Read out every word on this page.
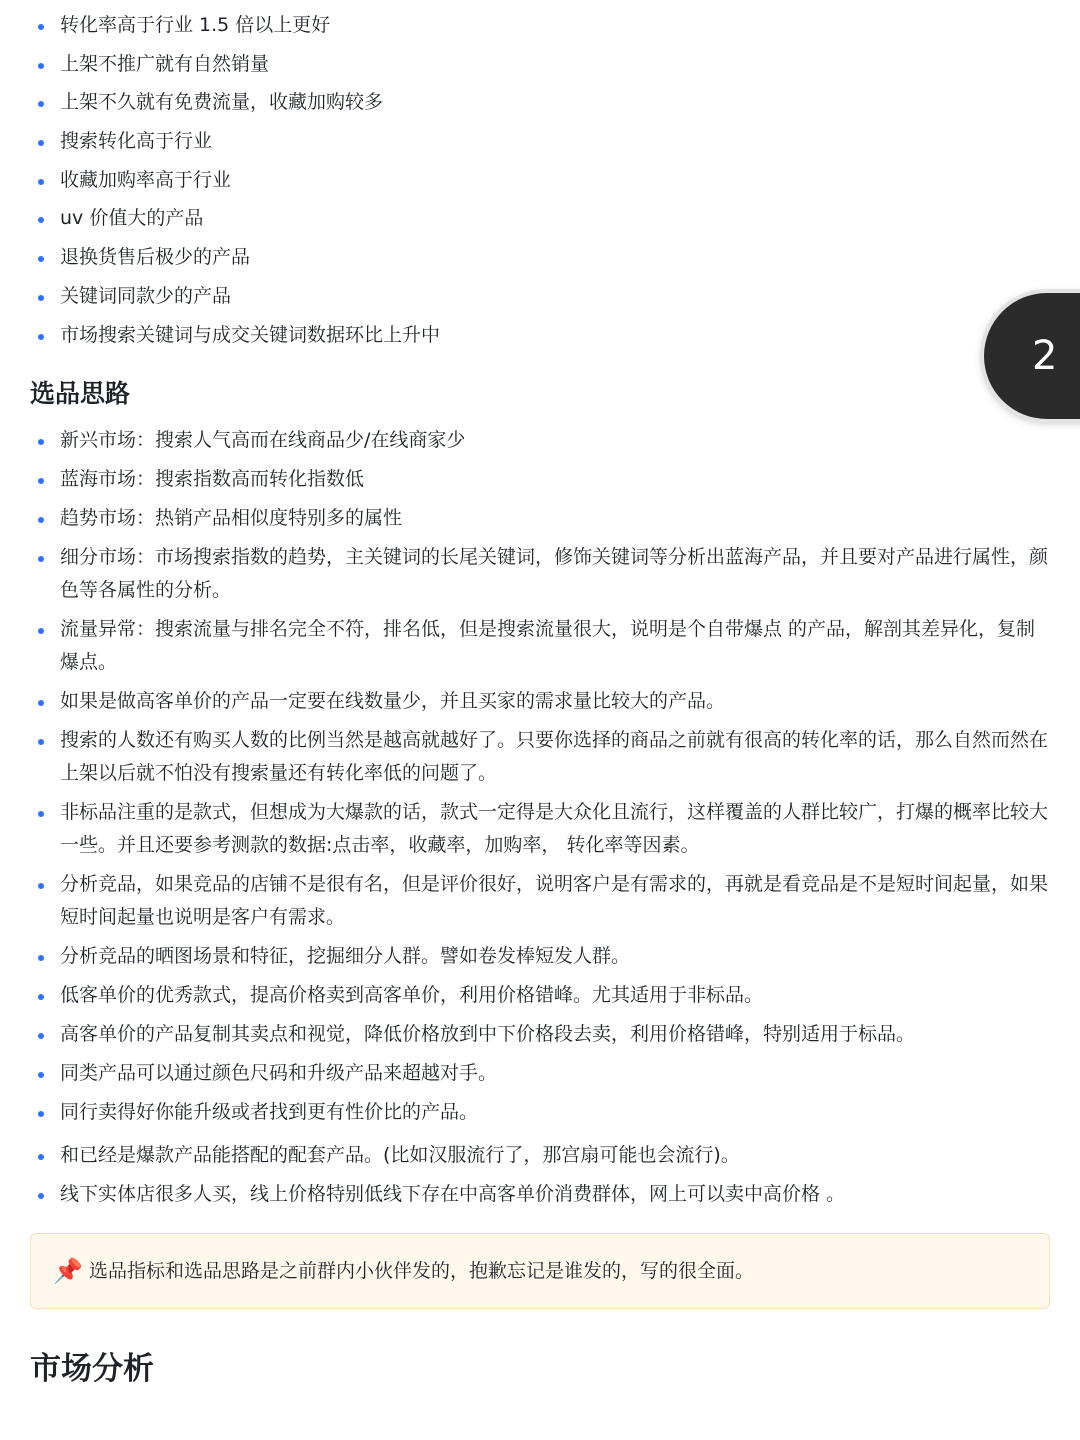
转化率高于行业 1.5 倍以上更好
上架不推广就有自然销量
上架不久就有免费流量，收藏加购较多
搜索转化高于行业
收藏加购率高于行业
uv 价值大的产品
退换货售后极少的产品
关键词同款少的产品
市场搜索关键词与成交关键词数据环比上升中
选品思路
新兴市场：搜索人气高而在线商品少/在线商家少
蓝海市场：搜索指数高而转化指数低
趋势市场：热销产品相似度特别多的属性
细分市场：市场搜索指数的趋势，主关键词的长尾关键词，修饰关键词等分析出蓝海产品，并且要对产品进行属性，颜色等各属性的分析。
流量异常：搜索流量与排名完全不符，排名低，但是搜索流量很大，说明是个自带爆点 的产品，解剖其差异化，复制爆点。
如果是做高客单价的产品一定要在线数量少，并且买家的需求量比较大的产品。
搜索的人数还有购买人数的比例当然是越高就越好了。只要你选择的商品之前就有很高的转化率的话，那么自然而然在上架以后就不怕没有搜索量还有转化率低的问题了。
非标品注重的是款式，但想成为大爆款的话，款式一定得是大众化且流行，这样覆盖的人群比较广，打爆的概率比较大一些。并且还要参考测款的数据:点击率，收藏率，加购率， 转化率等因素。
分析竞品，如果竞品的店铺不是很有名，但是评价很好，说明客户是有需求的，再就是看竞品是不是短时间起量，如果短时间起量也说明是客户有需求。
分析竞品的晒图场景和特征，挖掘细分人群。譬如卷发棒短发人群。
低客单价的优秀款式，提高价格卖到高客单价，利用价格错峰。尤其适用于非标品。
高客单价的产品复制其卖点和视觉，降低价格放到中下价格段去卖，利用价格错峰，特别适用于标品。
同类产品可以通过颜色尺码和升级产品来超越对手。
同行卖得好你能升级或者找到更有性价比的产品。
和已经是爆款产品能搭配的配套产品。(比如汉服流行了，那宫扇可能也会流行)。
线下实体店很多人买，线上价格特别低线下存在中高客单价消费群体，网上可以卖中高价格 。
📌 选品指标和选品思路是之前群内小伙伴发的，抱歉忘记是谁发的，写的很全面。
市场分析
2
